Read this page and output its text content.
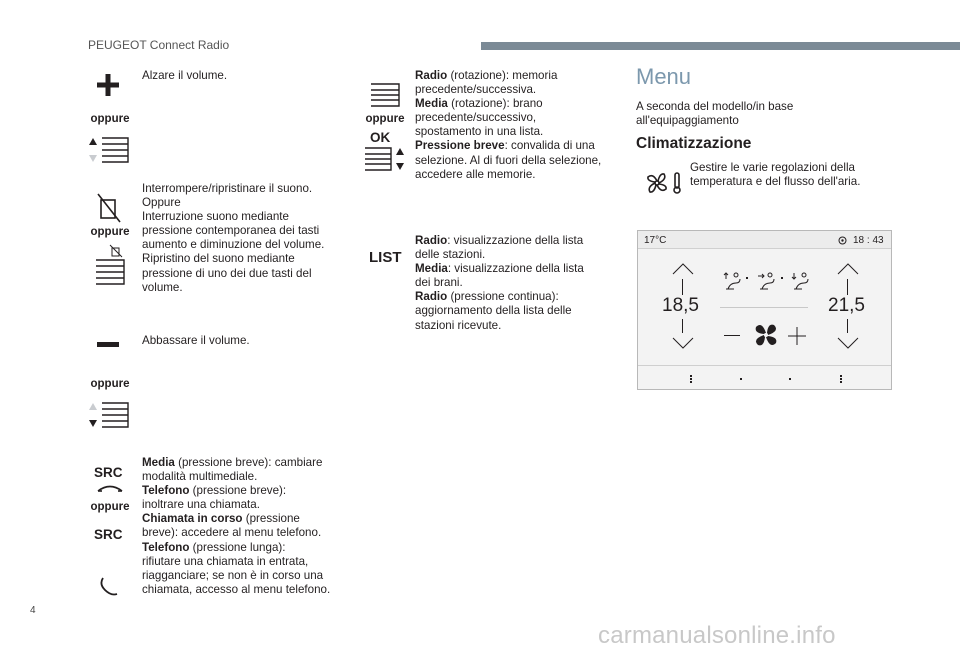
PEUGEOT Connect Radio
Alzare il volume.
oppure
Interrompere/ripristinare il suono.
Oppure
Interruzione suono mediante
pressione contemporanea dei tasti
aumento e diminuzione del volume.
Ripristino del suono mediante
pressione di uno dei due tasti del
volume.
oppure
Abbassare il volume.
oppure
SRC
oppure
SRC
Media (pressione breve): cambiare
modalità multimediale.
Telefono (pressione breve):
inoltrare una chiamata.
Chiamata in corso (pressione
breve): accedere al menu telefono.
Telefono (pressione lunga):
rifiutare una chiamata in entrata,
riagganciare; se non è in corso una
chiamata, accesso al menu telefono.
oppure
OK
Radio (rotazione): memoria
precedente/successiva.
Media (rotazione): brano
precedente/successivo,
spostamento in una lista.
Pressione breve: convalida di una
selezione. Al di fuori della selezione,
accedere alle memorie.
LIST
Radio: visualizzazione della lista
delle stazioni.
Media: visualizzazione della lista
dei brani.
Radio (pressione continua):
aggiornamento della lista delle
stazioni ricevute.
Menu
A seconda del modello/in base
all'equipaggiamento
Climatizzazione
Gestire le varie regolazioni della
temperatura e del flusso dell'aria.
17°C	18 : 43
18,5	21,5
4
carmanualsonline.info
